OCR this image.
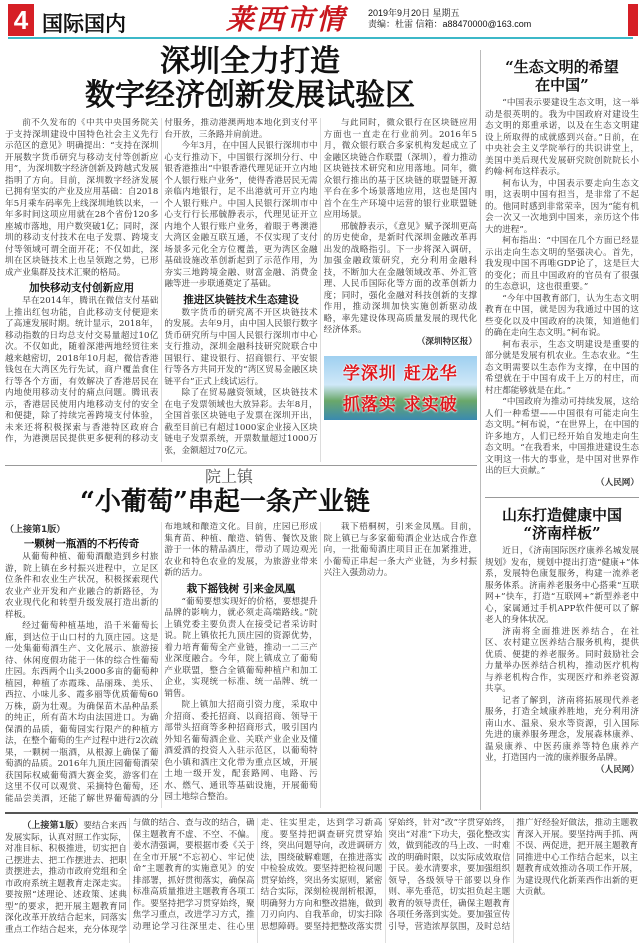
4 国际国内	莱西市情 2019年9月20日 星期五
责编：杜雷 信箱：a88470000@163.com
深圳全力打造
数字经济创新发展试验区

前不久发布的《中共中央国务院关于支持深圳建设中国特色社会主义先行示范区的意见》明确提出：“支持在深圳开展数字货币研究与移动支付等创新应用”，为深圳数字经济创新及跨越式发展指明了方向。目前，深圳数字经济发展已拥有坚实的产业及应用基础：自2018年5月乘车码率先上线深圳地铁以来，一年多时间这项应用就在28个省份120多座城市落地，用户数突破1亿；同时，深圳的移动支付技术在电子发票、跨境支付等领域可谓全面开花；不仅如此，深圳在区块链技术上也呈领跑之势，已形成产业集群及技术汇聚的格局。

加快移动支付创新应用

早在2014年，腾讯在微信支付基础上推出红包功能，自此移动支付便迎来了高速发展时期。统计显示，2018年，移动指数的日均总支付交易量超过10亿次。不仅如此，随着深港两地经贸往来越来越密切，2018年10月起，微信香港钱包在大湾区先行先试，商户覆盖食住行等各个方面，有效解决了香港居民在内地使用移动支付的痛点问题。腾讯表示，香港居民使用内地移动支付的安全和便捷，除了持续完善跨境支付体验，未来还将积极探索与香港特区政府合作，为港澳居民提供更多便利的移动支付服务，推动港澳两地本地化到支付平台开放，三条路并肩前进。

今年3月，在中国人民银行深圳市中心支行推动下，中国银行深圳分行、中银香港推出“中银香港代理见证开立内地个人银行账户业务”，使得香港居民无需亲临内地银行，足不出港就可开立内地个人银行账户。中国人民银行深圳市中心支行行长邢毓静表示，代理见证开立内地个人银行账户业务，着眼于粤澳港大湾区金融互联互通，不仅实现了支付场景多元化全方位覆盖，更为湾区金融基础设施改革创新起到了示范作用，为夯实三地跨境金融、财富金融、消费金融等进一步联通奠定了基础。

推进区块链技术生态建设

数字货币的研究离不开区块链技术的发展。去年9月，由中国人民银行数字货币研究所与中国人民银行深圳市中心支行推动，深圳金融科技研究院联合中国银行、建设银行、招商银行、平安银行等各方共同开发的“湾区贸易金融区块链平台”正式上线试运行。

除了在贸易融资领域，区块链技术在电子发票领域也大放异彩。去年8月，全国首张区块链电子发票在深圳开出，截至目前已有超过1000家企业接入区块链电子发票系统，开票数量超过1000万张，金额超过70亿元。

与此同时，微众银行在区块链应用方面也一直走在行业前列。2016年5月，微众银行联合多家机构发起成立了金融区块链合作联盟（深圳），着力推动区块链技术研究和应用落地。同年，微众银行推出的基于区块链的联盟链开源平台在多个场景落地应用，这也是国内首个在生产环境中运营的银行业联盟链应用场景。

邢毓静表示，《意见》赋予深圳更高的历史使命，是新时代深圳金融改革再出发的战略指引。下一步将深入调研，加强金融政策研究，充分利用金融科技，不断加大在金融领域改革、外汇管理、人民币国际化等方面的改革创新力度；同时，强化金融对科技创新的支撑作用，推动深圳加快实施创新驱动战略，率先建设体现高质量发展的现代化经济体系。

（深圳特区报）

学深圳 赶龙华
抓落实 求实破
“生态文明的希望
在中国”

“中国表示要建设生态文明，这一举动是很英明的。我为中国政府对建设生态文明的郑重承诺，以及在生态文明建设上所取得的成就感到兴奋。”日前，在中央社会主义学院举行的共识讲堂上，美国中美后现代发展研究院创院院长小约翰·柯布这样表示。

柯布认为，中国表示要走向生态文明，这表明中国有担当，是非常了不起的。他同时感到非常荣幸，因为“能有机会一次又一次地到中国来，亲历这个伟大的进程”。

柯布指出：“中国在几个方面已经显示出走向生态文明的坚强决心。首先，我发现中国不再唯GDP论了，这是巨大的变化；而且中国政府的官员有了很强的生态意识，这也很重要。”

“今年中国教育部门，认为生态文明教育在中国，就是因为我通过中国的这些变化以及中国政府的决策，知道他们的确在走向生态文明。”柯布说。

柯布表示，生态文明建设是重要的部分就是发展有机农业。生态农业。“生态文明需要以生态作为支撑，在中国的希望就在于中国有成千上万的村庄，而村庄都能够就是在此。”

“中国政府为推动可持续发展，这给人们一种希望——中国很有可能走向生态文明。”柯布说，“在世界上，在中国的许多地方，人们已经开始自发地走向生态文明。“在我看来，中国推进建设生态文明这一伟大的事业，是中国对世界作出的巨大贡献。”

（人民网）

山东打造健康中国
“济南样板”

近日，《济南国际医疗康养名城发展规划》发布，规划中提出打造“健康+”体系，发展特色康复服务，构建一流养老服务体系。济南养老服务中心搭乘“互联网+”快车，打造“互联网+”新型养老中心，家属通过手机APP软件便可以了解老人的身体状况。

济南将全面推进医养结合，在社区、农村建立医养结合服务机构，提供优质、便捷的养老服务。同时鼓励社会力量举办医养结合机构，推动医疗机构与养老机构合作，实现医疗和养老资源共享。

记者了解到，济南将拓展现代养老服务，打造全域康养胜地，充分利用济南山水、温泉、泉水等资源，引入国际先进的康养服务理念，发展森林康养、温泉康养、中医药康养等特色康养产业，打造国内一流的康养服务品牌。

（人民网）

院上镇
“小葡萄”串起一条产业链

（上接第1版）

一颗树一瓶酒的不朽传奇

从葡萄种植、葡萄酒酿造到乡村旅游，院上镇在乡村振兴进程中，立足区位条件和农业生产状况，积极探索现代农业产业开发和产业融合的新路径，为农业现代化和转型升级发展打造出新的样板。

经过葡萄种植基地，沿千米葡萄长廊，到达位于山口村的九顶庄园。这是一处集葡萄酒生产、文化展示、旅游接待、休闲度假功能于一体的综合性葡萄庄园。东西两个山头2000多亩的葡萄种植园，种植了赤霞珠、品丽珠、美乐、西拉、小味儿多、霞多丽等优质葡萄60万株，蔚为壮观。为确保苗木品种品系的纯正，所有苗木均由法国进口。为确保酒的品质，葡萄园实行限产的种植方法，在整个葡萄的生产过程中进行2次疏果，一颗树一瓶酒，从根源上确保了葡萄酒的品质。2016年九顶庄园葡萄酒荣获国际权威葡萄酒大赛金奖，游客们在这里不仅可以观赏、采摘特色葡萄，还能品尝美酒，还能了解世界葡萄酒的分布地域和酿造文化。目前，庄园已形成集育苗、种植、酿造、销售、餐饮及旅游于一体的精品酒庄，带动了周边观光农业和特色农业的发展，为旅游业带来新的活力。

栽下摇钱树 引来金凤凰

“葡萄要想实现好的价格，要想提升品牌的影响力，就必须走高端路线。”院上镇党委主要负责人在接受记者采访时说。院上镇依托九顶庄园的资源优势，着力培育葡萄全产业链，推动一二三产业深度融合。今年，院上镇成立了葡萄产业联盟，整合全镇葡萄种植户和加工企业，实现统一标准、统一品牌、统一销售。

院上镇加大招商引资力度，采取中介招商、委托招商、以商招商、领导干部带头招商等多种招商形式，吸引国内外知名葡萄酒企业、关联产业企业及懂酒爱酒的投资人入驻示范区，以葡萄特色小镇和酒庄文化带为重点区域，开展土地一级开发，配套路网、电路、污水、燃气、通讯等基础设施，开展葡萄园土地综合整治。

栽下梧桐树，引来金凤凰。目前，院上镇已与多家葡萄酒企业达成合作意向，一批葡萄酒庄项目正在加紧推进，小葡萄正串起一条大产业链，为乡村振兴注入强劲动力。

（上接第1版）要结合来西发展实际，认真对照工作实际，对准目标、积极推进，切实把自己摆进去、把工作摆进去、把职责摆进去，推动市政府党组和全市政府系统主题教育走深走实。要按照“述理论、述政策、述典型”的要求，把开展主题教育同深化改革开放结合起来，同落实重点工作结合起来，充分体现学与做的结合、查与改的结合，确保主题教育不虚、不空、不偏。姜水清强调，要根据市委《关于在全市开展“不忘初心、牢记使命”主题教育的实施意见》的安排部署，抓好贯彻落实，确保高标准高质量推进主题教育各项工作。要坚持把学习贯穿始终，聚焦学习重点，改进学习方式，推动理论学习往深里走、往心里走、往实里走，达到学习新高度。要坚持把调查研究贯穿始终，突出问题导向，改进调研方法，围绕破解难题，在推进落实中检验成效。要坚持把检视问题贯穿始终，突出务实原则，紧密结合实际，深刻检视剖析根源，明确努力方向和整改措施，做到刀刃向内、自我革命，切实扫除思想障碍。要坚持把整改落实贯穿始终，针对“改”字贯穿始终，突出“对准”下功夫，强化整改实效，做到能改的马上改、一时难改的明确时限，以实际成效取信于民。姜水清要求，要加强组织领导，各级领导干部要以身作则、率先垂范，切实担负起主题教育的领导责任，确保主题教育各项任务落到实处。要加强宣传引导，营造浓厚氛围，及时总结推广好经验好做法，推动主题教育深入开展。要坚持两手抓、两不误、两促进，把开展主题教育同推进中心工作结合起来，以主题教育成效推动各项工作开展，为建设现代化新莱西作出新的更大贡献。
